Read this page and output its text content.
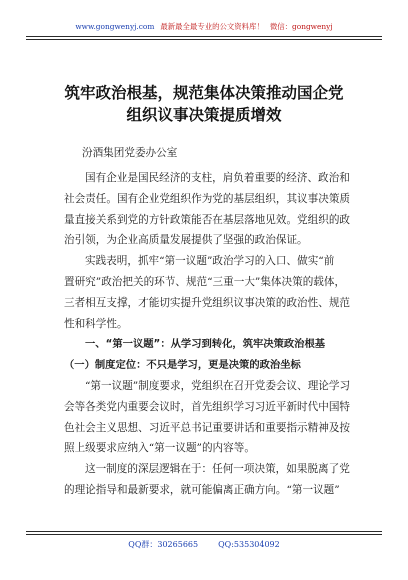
www.gongwenyj.com 最新最全最专业的公文资料库！ 微信：gongwenyj
筑牢政治根基，规范集体决策推动国企党
组织议事决策提质增效
汾酒集团党委办公室
国有企业是国民经济的支柱，肩负着重要的经济、政治和
社会责任。国有企业党组织作为党的基层组织，其议事决策质
量直接关系到党的方针政策能否在基层落地见效。党组织的政
治引领，为企业高质量发展提供了坚强的政治保证。
实践表明，抓牢“第一议题”政治学习的入口、做实“前
置研究”政治把关的环节、规范“三重一大”集体决策的载体，
三者相互支撑，才能切实提升党组织议事决策的政治性、规范
性和科学性。
一、“第一议题”：从学习到转化，筑牢决策政治根基
（一）制度定位：不只是学习，更是决策的政治坐标
“第一议题”制度要求，党组织在召开党委会议、理论学习
会等各类党内重要会议时，首先组织学习习近平新时代中国特
色社会主义思想、习近平总书记重要讲话和重要指示精神及按
照上级要求应纳入“第一议题”的内容等。
这一制度的深层逻辑在于：任何一项决策，如果脱离了党
的理论指导和最新要求，就可能偏离正确方向。“第一议题”
QQ群：30265665	QQ:535304092
